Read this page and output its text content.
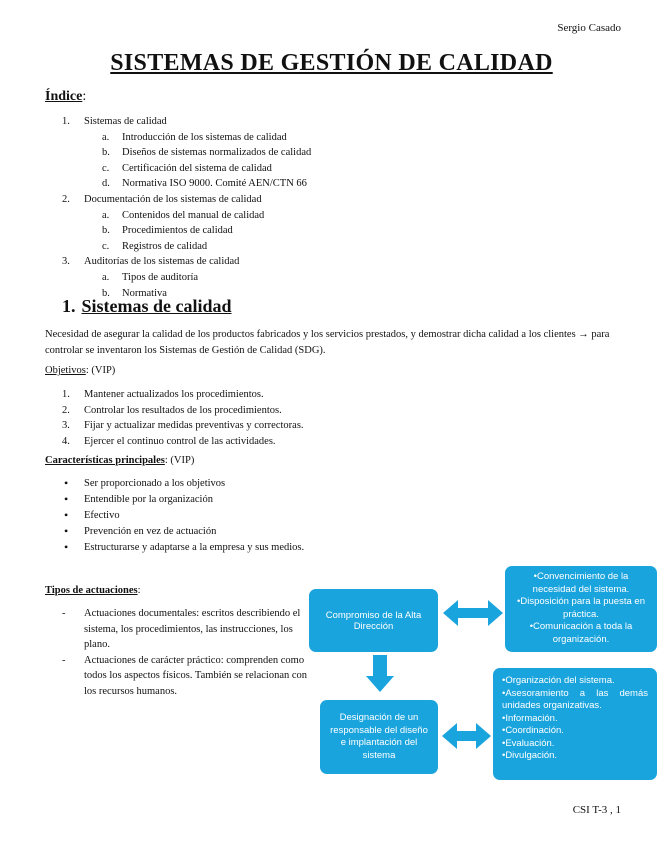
Sergio Casado
SISTEMAS DE GESTIÓN DE CALIDAD
Índice:
1. Sistemas de calidad
a. Introducción de los sistemas de calidad
b. Diseños de sistemas normalizados de calidad
c. Certificación del sistema de calidad
d. Normativa ISO 9000. Comité AEN/CTN 66
2. Documentación de los sistemas de calidad
a. Contenidos del manual de calidad
b. Procedimientos de calidad
c. Registros de calidad
3. Auditorías de los sistemas de calidad
a. Tipos de auditoría
b. Normativa
1. Sistemas de calidad
Necesidad de asegurar la calidad de los productos fabricados y los servicios prestados, y demostrar dicha calidad a los clientes → para controlar se inventaron los Sistemas de Gestión de Calidad (SDG).
Objetivos: (VIP)
1. Mantener actualizados los procedimientos.
2. Controlar los resultados de los procedimientos.
3. Fijar y actualizar medidas preventivas y correctoras.
4. Ejercer el continuo control de las actividades.
Características principales: (VIP)
• Ser proporcionado a los objetivos
• Entendible por la organización
• Efectivo
• Prevención en vez de actuación
• Estructurarse y adaptarse a la empresa y sus medios.
Tipos de actuaciones:
- Actuaciones documentales: escritos describiendo el sistema, los procedimientos, las instrucciones, los plano.
- Actuaciones de carácter práctico: comprenden como todos los aspectos físicos. También se relacionan con los recursos humanos.
Compromiso de la Alta Dirección
•Convencimiento de la necesidad del sistema.
•Disposición para la puesta en práctica.
•Comunicación a toda la organización.
Designación de un responsable del diseño e implantación del sistema
•Organización del sistema.
•Asesoramiento a las demás unidades organizativas.
•Información.
•Coordinación.
•Evaluación.
•Divulgación.
CSI T-3 , 1
